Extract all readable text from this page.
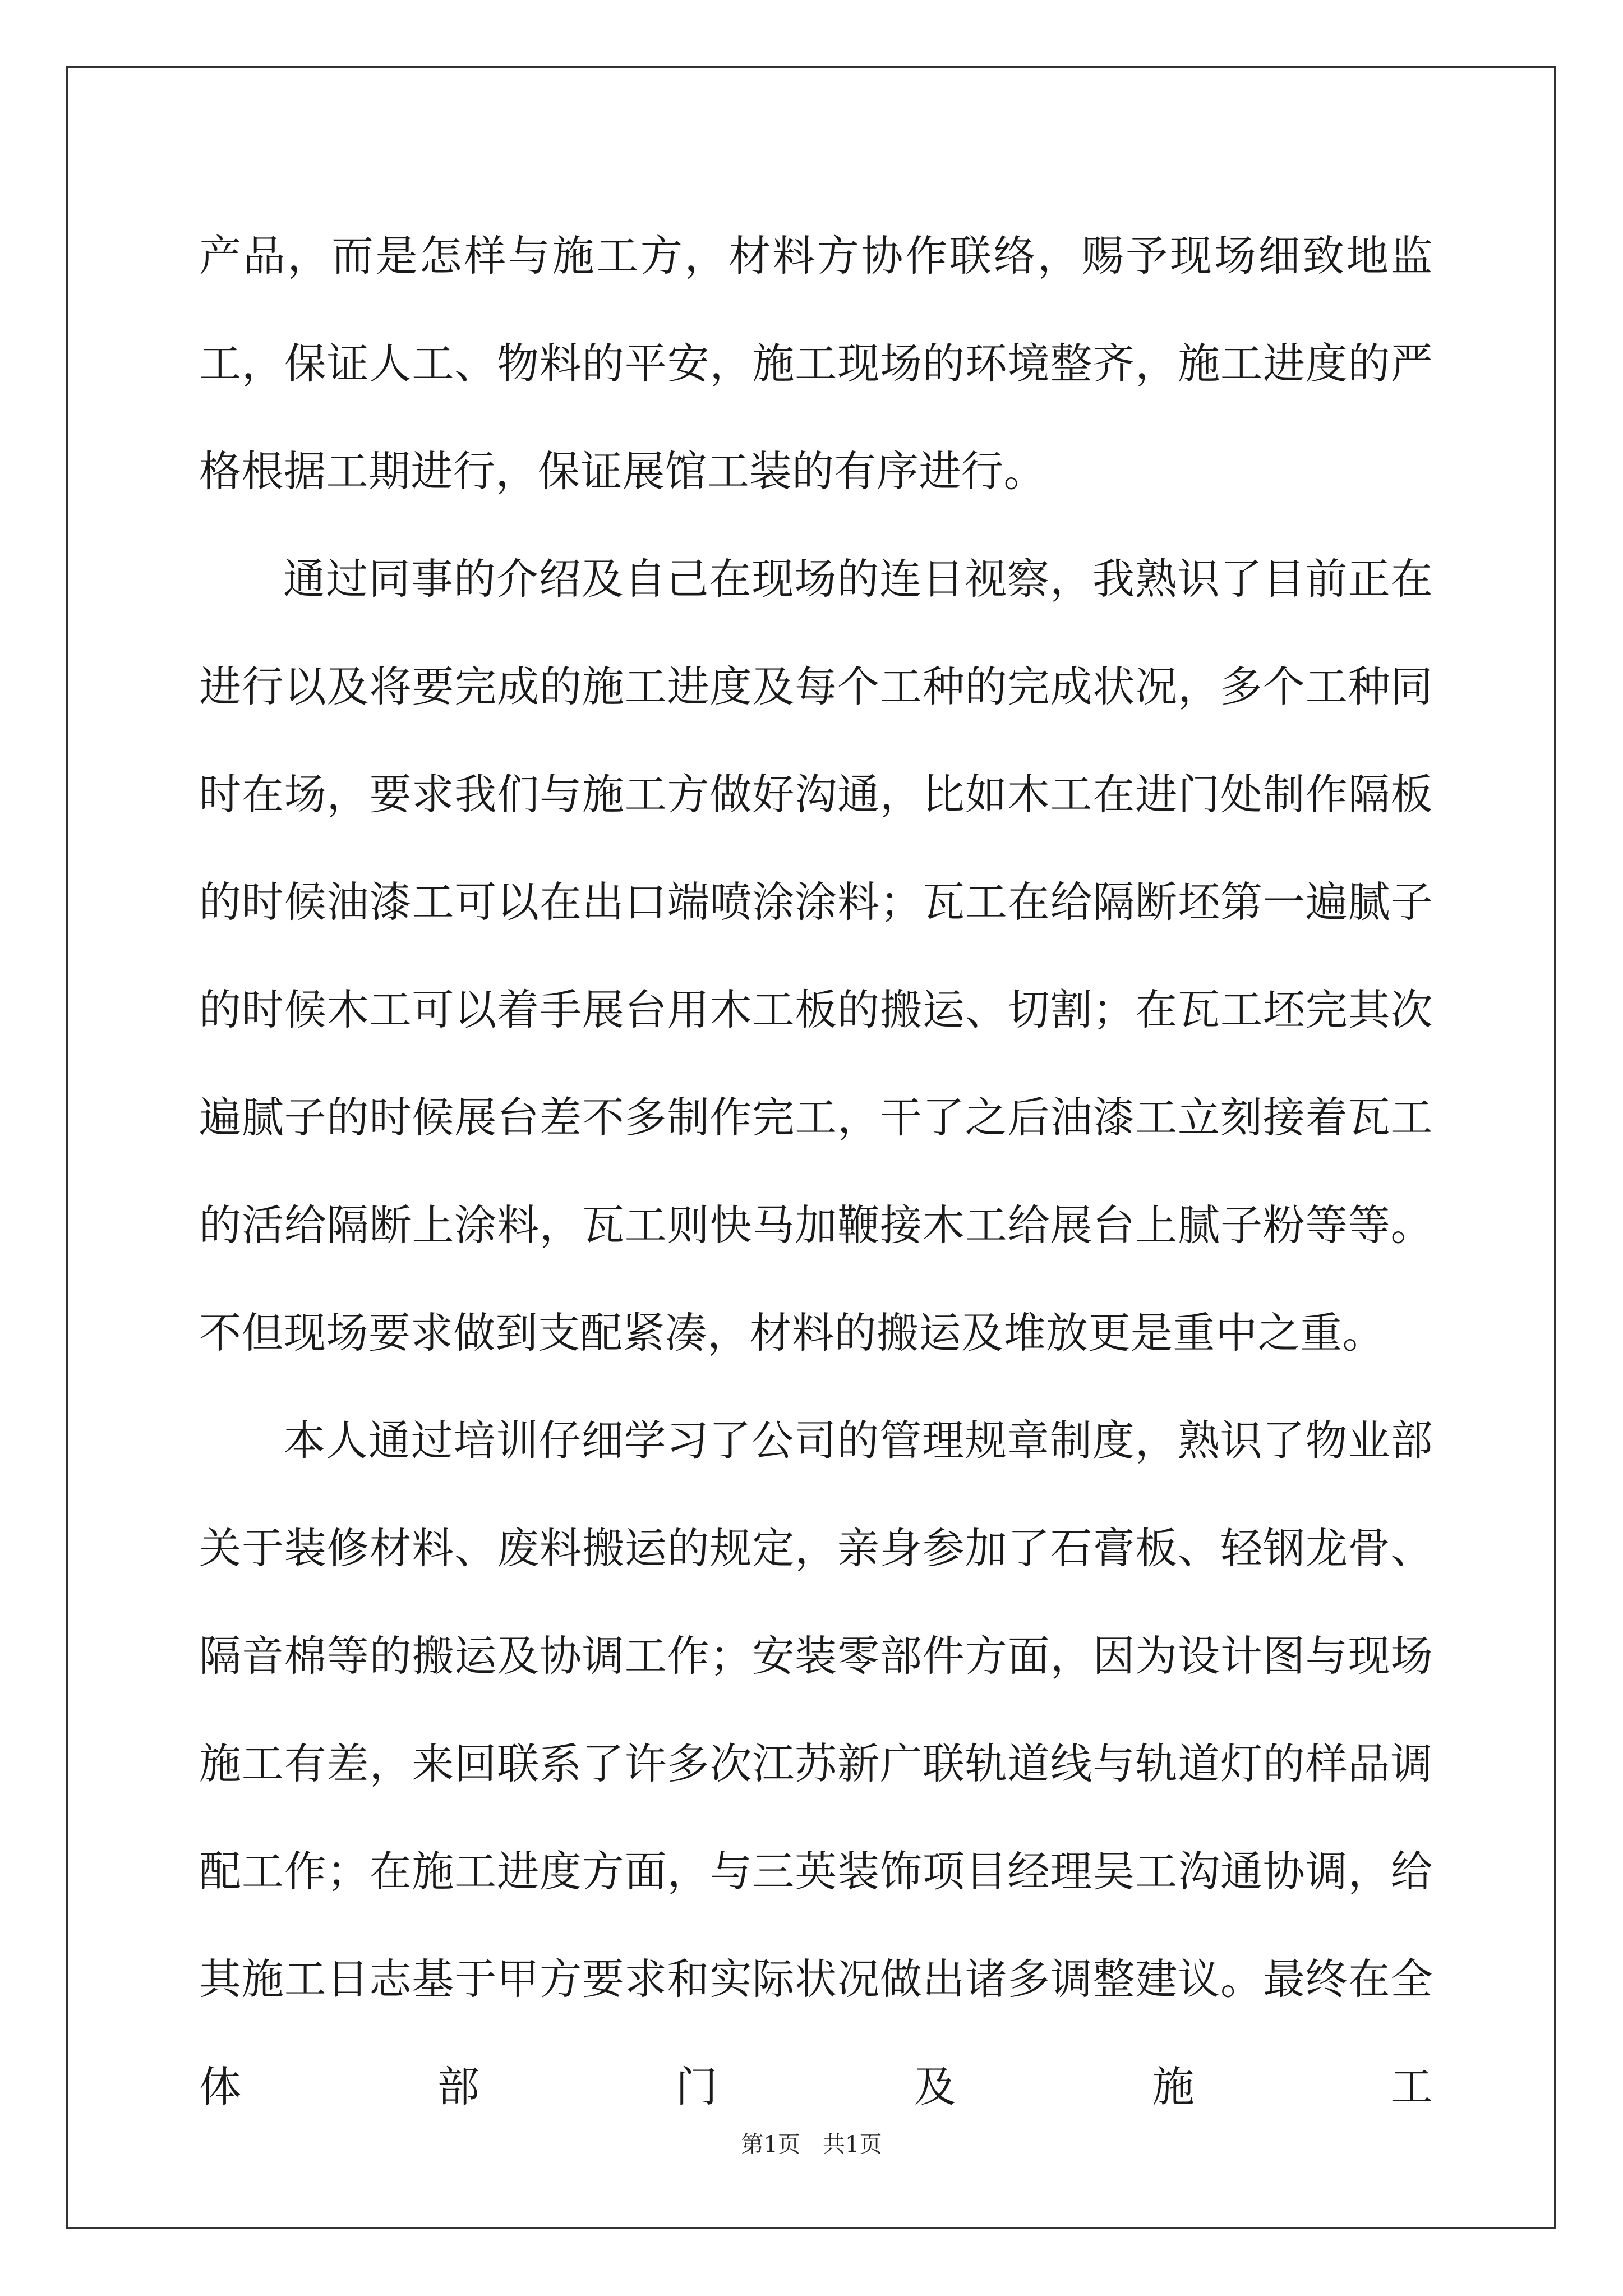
产品，而是怎样与施工方，材料方协作联络，赐予现场细致地监工，保证人工、物料的平安，施工现场的环境整齐，施工进度的严格根据工期进行，保证展馆工装的有序进行。

通过同事的介绍及自己在现场的连日视察，我熟识了目前正在进行以及将要完成的施工进度及每个工种的完成状况，多个工种同时在场，要求我们与施工方做好沟通，比如木工在进门处制作隔板的时候油漆工可以在出口端喷涂涂料；瓦工在给隔断坯第一遍腻子的时候木工可以着手展台用木工板的搬运、切割；在瓦工坯完其次遍腻子的时候展台差不多制作完工，干了之后油漆工立刻接着瓦工的活给隔断上涂料，瓦工则快马加鞭接木工给展台上腻子粉等等。不但现场要求做到支配紧凑，材料的搬运及堆放更是重中之重。

本人通过培训仔细学习了公司的管理规章制度，熟识了物业部关于装修材料、废料搬运的规定，亲身参加了石膏板、轻钢龙骨、隔音棉等的搬运及协调工作；安装零部件方面，因为设计图与现场施工有差，来回联系了许多次江苏新广联轨道线与轨道灯的样品调配工作；在施工进度方面，与三英装饰项目经理吴工沟通协调，给其施工日志基于甲方要求和实际状况做出诸多调整建议。最终在全体部门及施工

第1页　共1页
